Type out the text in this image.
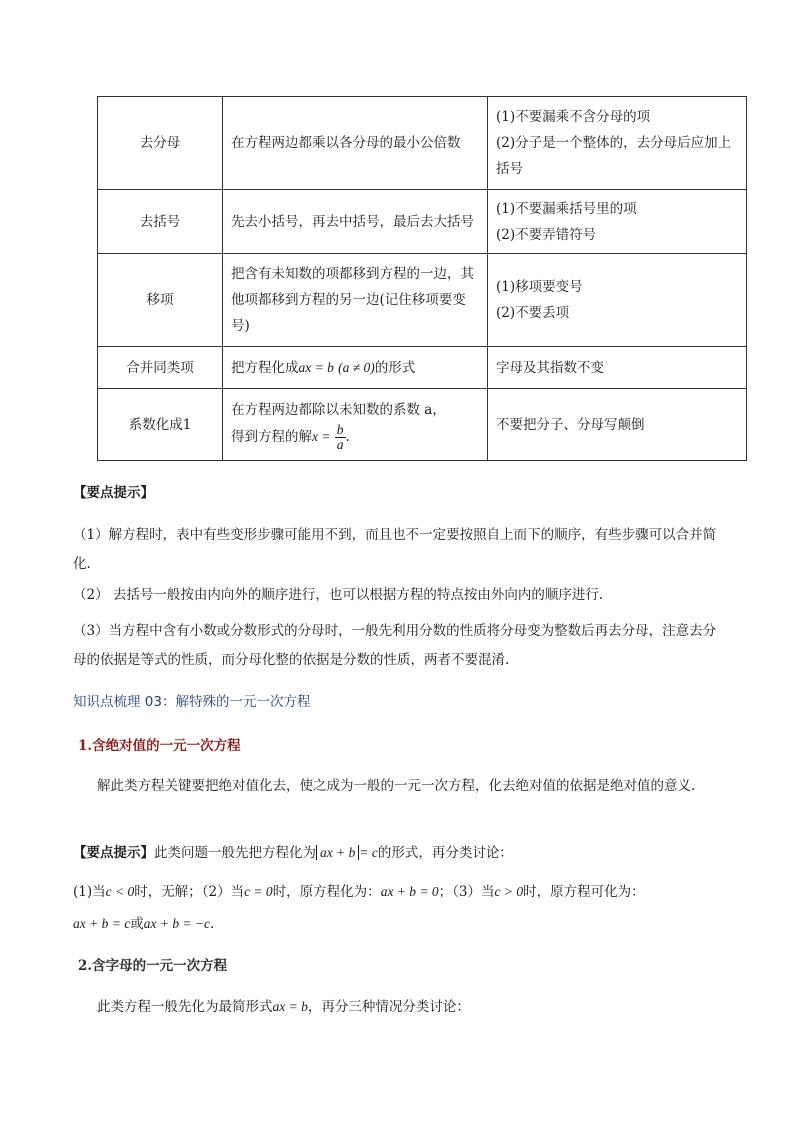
去分母	在方程两边都乘以各分母的最小公倍数	(1)不要漏乘不含分母的项
(2)分子是一个整体的，去分母后应加上括号

去括号	先去小括号，再去中括号，最后去大括号	(1)不要漏乘括号里的项
(2)不要弄错符号

移项	把含有未知数的项都移到方程的一边，其他项都移到方程的另一边(记住移项要变号)	(1)移项要变号
(2)不要丢项

合并同类项	把方程化成ax = b (a ≠ 0)的形式	字母及其指数不变

系数化成1	在方程两边都除以未知数的系数 a，
得到方程的解$x = \frac{b}{a}$ .	不要把分子、分母写颠倒
【要点提示】
（1）解方程时，表中有些变形步骤可能用不到，而且也不一定要按照自上而下的顺序，有些步骤可以合并简化.
（2） 去括号一般按由内向外的顺序进行，也可以根据方程的特点按由外向内的顺序进行.
（3）当方程中含有小数或分数形式的分母时，一般先利用分数的性质将分母变为整数后再去分母，注意去分母的依据是等式的性质，而分母化整的依据是分数的性质，两者不要混淆.
知识点梳理 03：解特殊的一元一次方程
1.含绝对值的一元一次方程
解此类方程关键要把绝对值化去，使之成为一般的一元一次方程，化去绝对值的依据是绝对值的意义.
【要点提示】此类问题一般先把方程化为 ax + b = c的形式，再分类讨论：
(1)当c < 0时，无解；（2）当c = 0时，原方程化为：ax + b = 0；（3）当c > 0时，原方程可化为：
ax + b = c或ax + b = −c.
2.含字母的一元一次方程
此类方程一般先化为最简形式ax = b，再分三种情况分类讨论：
